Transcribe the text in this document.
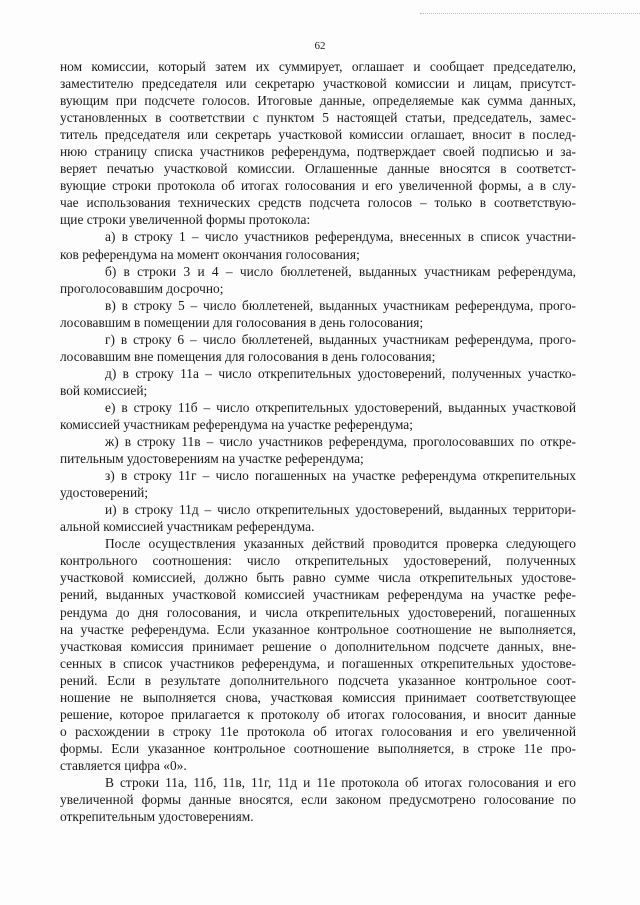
62
ном комиссии, который затем их суммирует, оглашает и сообщает председателю,
заместителю председателя или секретарю участковой комиссии и лицам, присутст-
вующим при подсчете голосов. Итоговые данные, определяемые как сумма данных,
установленных в соответствии с пунктом 5 настоящей статьи, председатель, замес-
титель председателя или секретарь участковой комиссии оглашает, вносит в послед-
нюю страницу списка участников референдума, подтверждает своей подписью и за-
веряет печатью участковой комиссии. Оглашенные данные вносятся в соответст-
вующие строки протокола об итогах голосования и его увеличенной формы, а в слу-
чае использования технических средств подсчета голосов – только в соответствую-
щие строки увеличенной формы протокола:
а) в строку 1 – число участников референдума, внесенных в список участни-
ков референдума на момент окончания голосования;
б) в строки 3 и 4 – число бюллетеней, выданных участникам референдума,
проголосовавшим досрочно;
в) в строку 5 – число бюллетеней, выданных участникам референдума, прого-
лосовавшим в помещении для голосования в день голосования;
г) в строку 6 – число бюллетеней, выданных участникам референдума, прого-
лосовавшим вне помещения для голосования в день голосования;
д) в строку 11а – число открепительных удостоверений, полученных участко-
вой комиссией;
е) в строку 11б – число открепительных удостоверений, выданных участковой
комиссией участникам референдума на участке референдума;
ж) в строку 11в – число участников референдума, проголосовавших по откре-
пительным удостоверениям на участке референдума;
з) в строку 11г – число погашенных на участке референдума открепительных
удостоверений;
и) в строку 11д – число открепительных удостоверений, выданных территори-
альной комиссией участникам референдума.
После осуществления указанных действий проводится проверка следующего
контрольного соотношения: число открепительных удостоверений, полученных
участковой комиссией, должно быть равно сумме числа открепительных удостове-
рений, выданных участковой комиссией участникам референдума на участке рефе-
рендума до дня голосования, и числа открепительных удостоверений, погашенных
на участке референдума. Если указанное контрольное соотношение не выполняется,
участковая комиссия принимает решение о дополнительном подсчете данных, вне-
сенных в список участников референдума, и погашенных открепительных удостове-
рений. Если в результате дополнительного подсчета указанное контрольное соот-
ношение не выполняется снова, участковая комиссия принимает соответствующее
решение, которое прилагается к протоколу об итогах голосования, и вносит данные
о расхождении в строку 11е протокола об итогах голосования и его увеличенной
формы. Если указанное контрольное соотношение выполняется, в строке 11е про-
ставляется цифра «0».
В строки 11а, 11б, 11в, 11г, 11д и 11е протокола об итогах голосования и его
увеличенной формы данные вносятся, если законом предусмотрено голосование по
открепительным удостоверениям.
